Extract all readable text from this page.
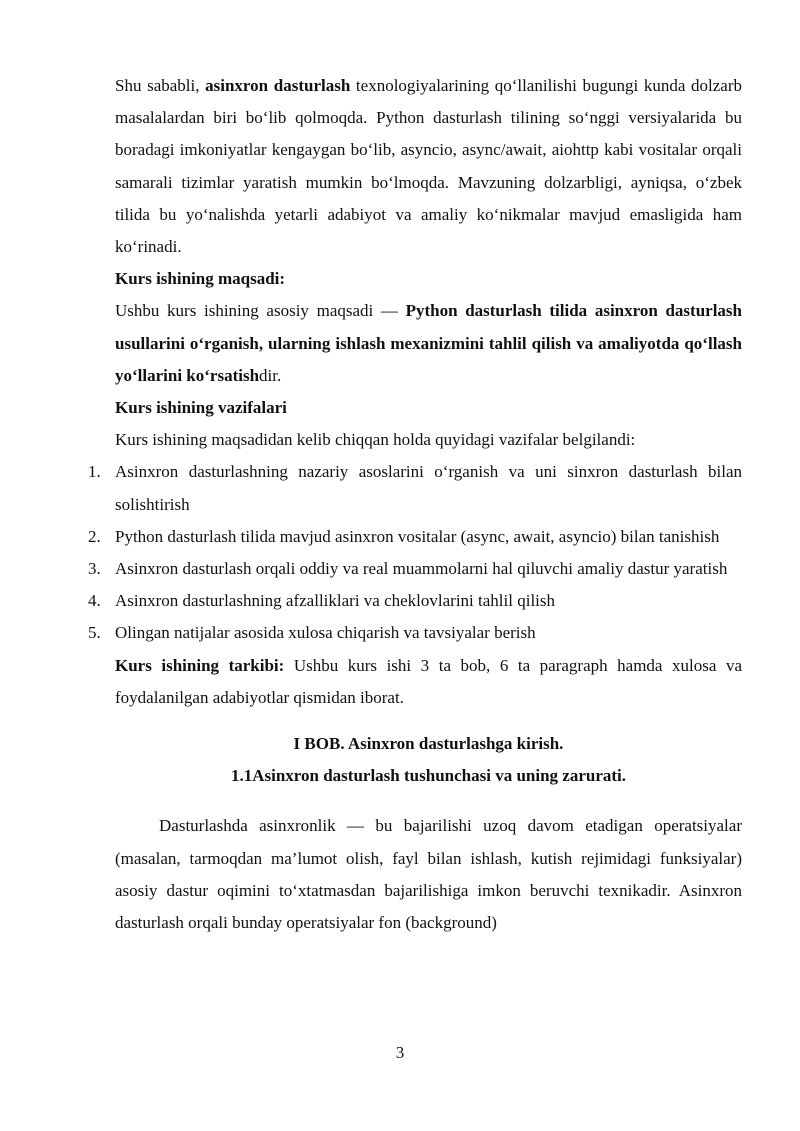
Shu sababli, asinxron dasturlash texnologiyalarining qo‘llanilishi bugungi kunda dolzarb masalalardan biri bo‘lib qolmoqda. Python dasturlash tilining so‘nggi versiyalarida bu boradagi imkoniyatlar kengaygan bo‘lib, asyncio, async/await, aiohttp kabi vositalar orqali samarali tizimlar yaratish mumkin bo‘lmoqda. Mavzuning dolzarbligi, ayniqsa, o‘zbek tilida bu yo‘nalishda yetarli adabiyot va amaliy ko‘nikmalar mavjud emasligida ham ko‘rinadi.

Kurs ishining maqsadi:

Ushbu kurs ishining asosiy maqsadi — Python dasturlash tilida asinxron dasturlash usullarini o‘rganish, ularning ishlash mexanizmini tahlil qilish va amaliyotda qo‘llash yo‘llarini ko‘rsatishdir.

Kurs ishining vazifalari

Kurs ishining maqsadidan kelib chiqqan holda quyidagi vazifalar belgilandi:

1. Asinxron dasturlashning nazariy asoslarini o‘rganish va uni sinxron dasturlash bilan solishtirish

2. Python dasturlash tilida mavjud asinxron vositalar (async, await, asyncio) bilan tanishish

3. Asinxron dasturlash orqali oddiy va real muammolarni hal qiluvchi amaliy dastur yaratish

4. Asinxron dasturlashning afzalliklari va cheklovlarini tahlil qilish

5. Olingan natijalar asosida xulosa chiqarish va tavsiyalar berish

Kurs ishining tarkibi: Ushbu kurs ishi 3 ta bob, 6 ta paragraph hamda xulosa va foydalanilgan adabiyotlar qismidan iborat.

I BOB. Asinxron dasturlashga kirish.

1.1Asinxron dasturlash tushunchasi va uning zarurati.

Dasturlashda asinxronlik — bu bajarilishi uzoq davom etadigan operatsiyalar (masalan, tarmoqdan ma’lumot olish, fayl bilan ishlash, kutish rejimidagi funksiyalar) asosiy dastur oqimini to‘xtatmasdan bajarilishiga imkon beruvchi texnikadir. Asinxron dasturlash orqali bunday operatsiyalar fon (background)

3
